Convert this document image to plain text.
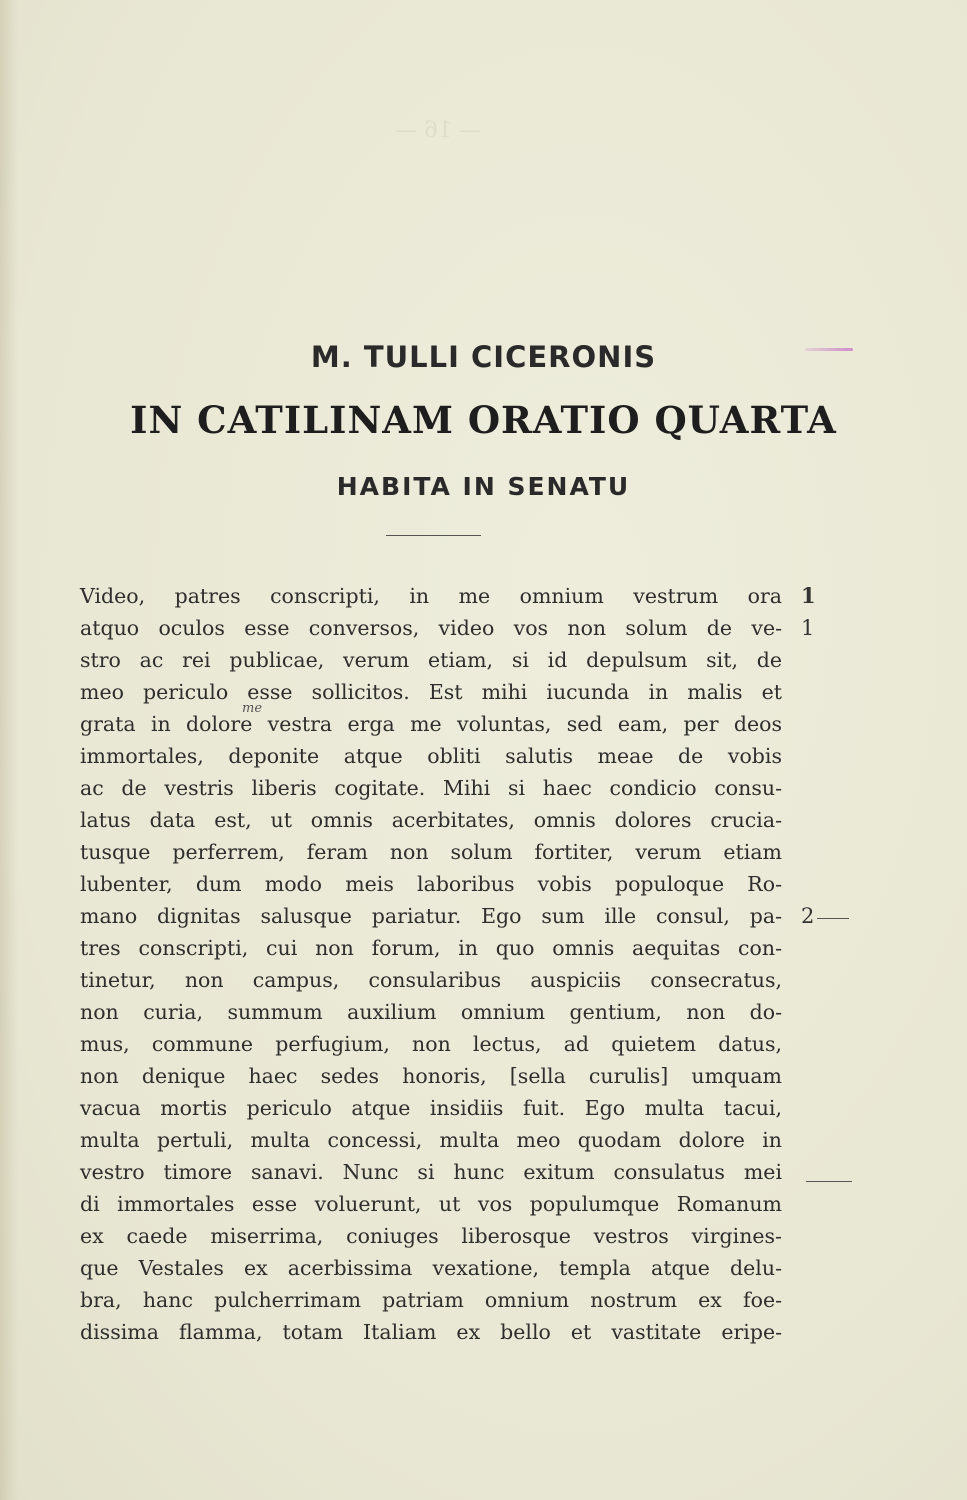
— 16 —
M. TULLI CICERONIS
IN CATILINAM ORATIO QUARTA
HABITA IN SENATU
Video, patres conscripti, in me omnium vestrum ora
atquo oculos esse conversos, video vos non solum de ve-
stro ac rei publicae, verum etiam, si id depulsum sit, de
meo periculo esse sollicitos. Est mihi iucunda in malis et
grata in dolore vestra erga me voluntas, sed eam, per deos
immortales, deponite atque obliti salutis meae de vobis
ac de vestris liberis cogitate. Mihi si haec condicio consu-
latus data est, ut omnis acerbitates, omnis dolores crucia-
tusque perferrem, feram non solum fortiter, verum etiam
lubenter, dum modo meis laboribus vobis populoque Ro-
mano dignitas salusque pariatur. Ego sum ille consul, pa-
tres conscripti, cui non forum, in quo omnis aequitas con-
tinetur, non campus, consularibus auspiciis consecratus,
non curia, summum auxilium omnium gentium, non do-
mus, commune perfugium, non lectus, ad quietem datus,
non denique haec sedes honoris, [sella curulis] umquam
vacua mortis periculo atque insidiis fuit. Ego multa tacui,
multa pertuli, multa concessi, multa meo quodam dolore in
vestro timore sanavi. Nunc si hunc exitum consulatus mei
di immortales esse voluerunt, ut vos populumque Romanum
ex caede miserrima, coniuges liberosque vestros virgines-
que Vestales ex acerbissima vexatione, templa atque delu-
bra, hanc pulcherrimam patriam omnium nostrum ex foe-
dissima flamma, totam Italiam ex bello et vastitate eripe-
me
1
1
2
